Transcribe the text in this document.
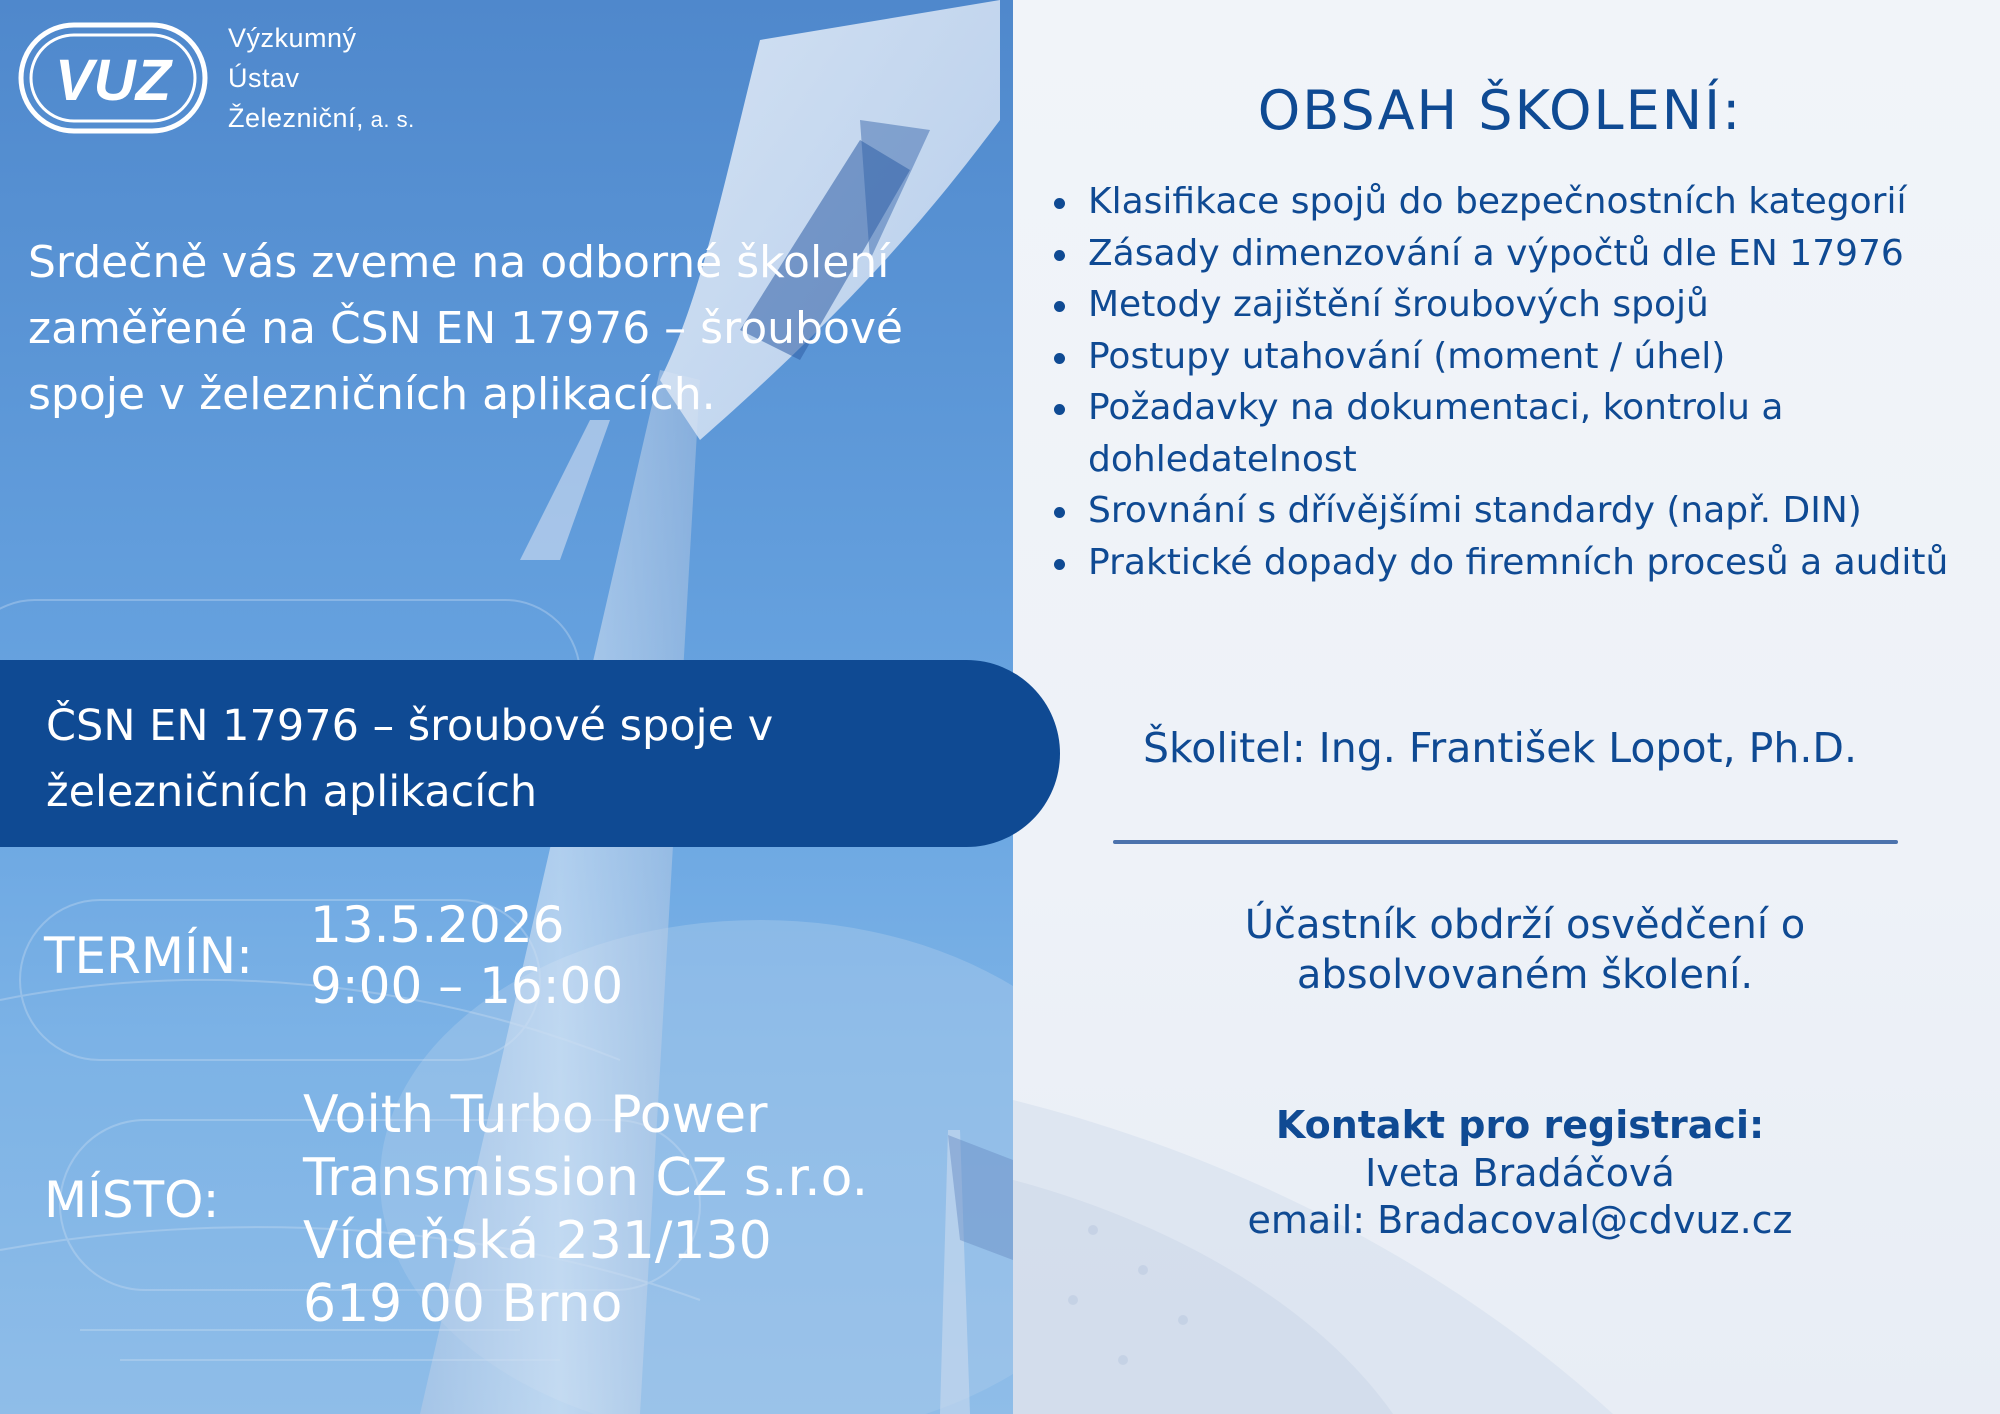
VUZ
Výzkumný
Ústav
Železniční, a. s.
Srdečně vás zveme na odborné školení zaměřené na ČSN EN 17976 – šroubové spoje v železničních aplikacích.
ČSN EN 17976 – šroubové spoje v železničních aplikacích
TERMÍN:
13.5.2026
9:00 – 16:00
MÍSTO:
Voith Turbo Power
Transmission CZ s.r.o.
Vídeňská 231/130
619 00 Brno
OBSAH ŠKOLENÍ:
Klasifikace spojů do bezpečnostních kategorií
Zásady dimenzování a výpočtů dle EN 17976
Metody zajištění šroubových spojů
Postupy utahování (moment / úhel)
Požadavky na dokumentaci, kontrolu a dohledatelnost
Srovnání s dřívějšími standardy (např. DIN)
Praktické dopady do firemních procesů a auditů
Školitel: Ing. František Lopot, Ph.D.
Účastník obdrží osvědčení o absolvovaném školení.
Kontakt pro registraci:
Iveta Bradáčová
email: Bradacoval@cdvuz.cz
